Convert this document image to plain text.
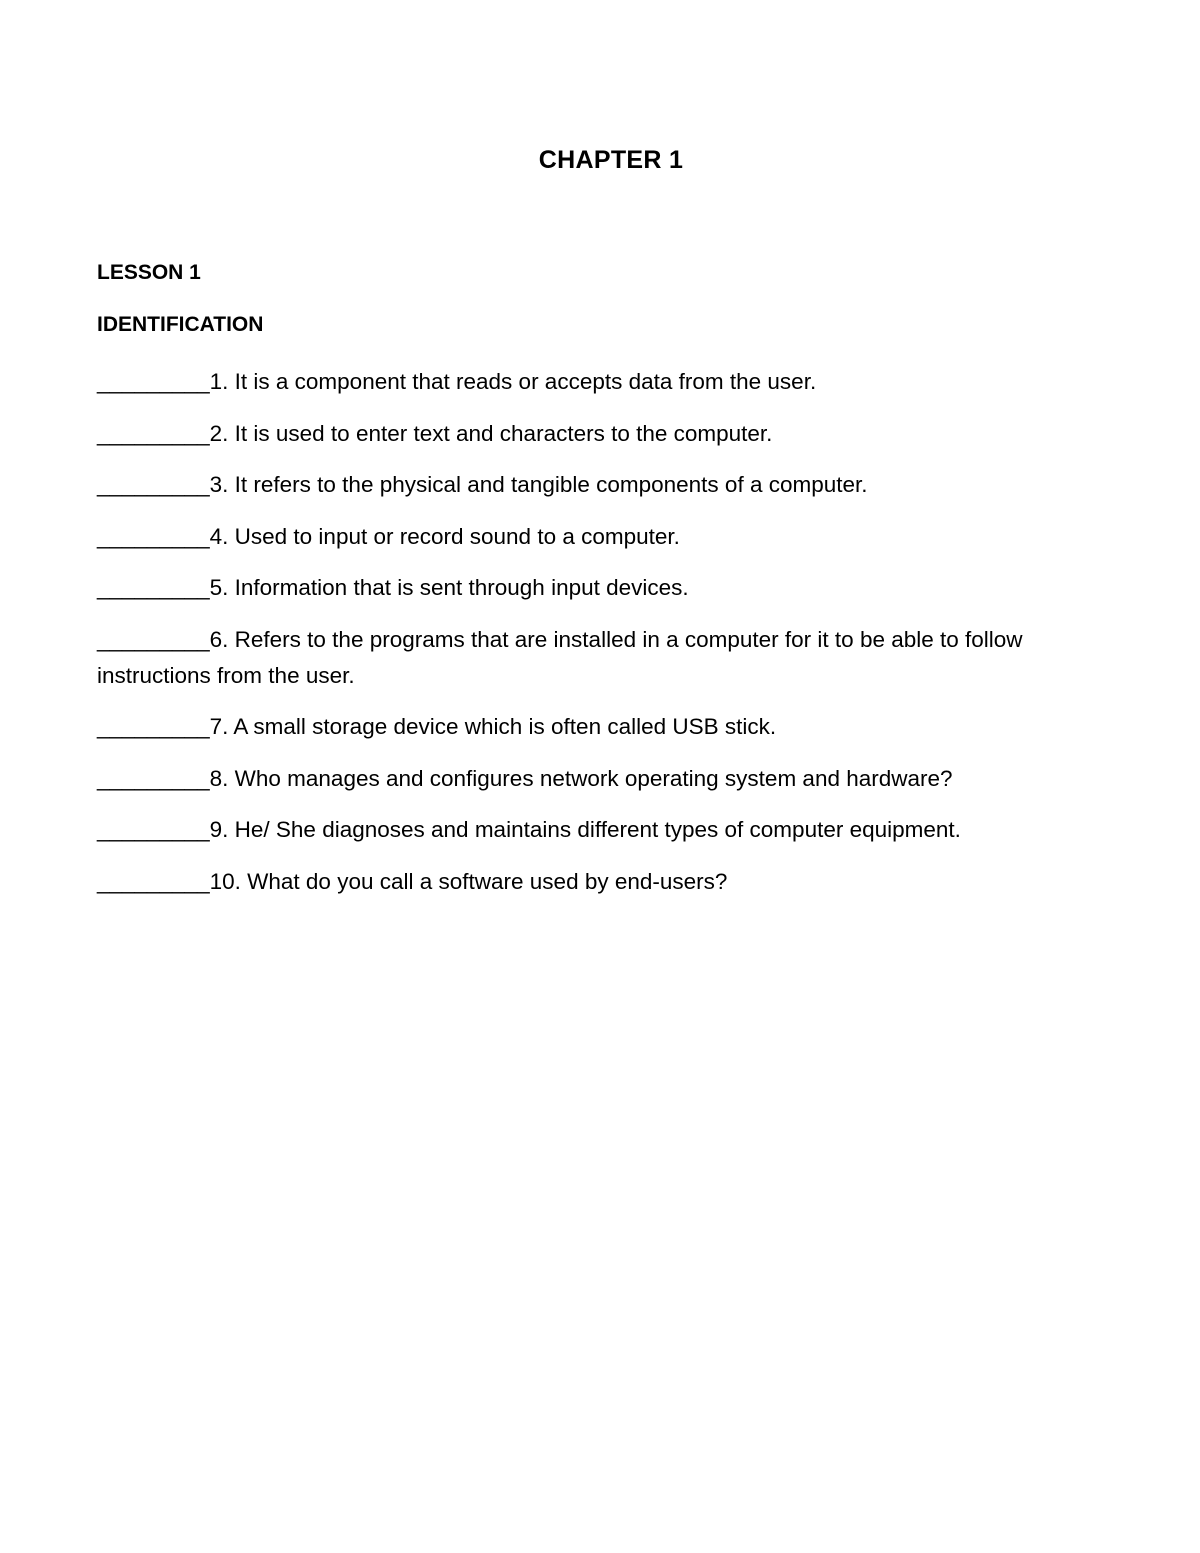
CHAPTER 1
LESSON 1
IDENTIFICATION
_________1. It is a component that reads or accepts data from the user.
_________2. It is used to enter text and characters to the computer.
_________3. It refers to the physical and tangible components of a computer.
_________4. Used to input or record sound to a computer.
_________5. Information that is sent through input devices.
_________6. Refers to the programs that are installed in a computer for it to be able to follow instructions from the user.
_________7. A small storage device which is often called USB stick.
_________8. Who manages and configures network operating system and hardware?
_________9. He/ She diagnoses and maintains different types of computer equipment.
_________10. What do you call a software used by end-users?
